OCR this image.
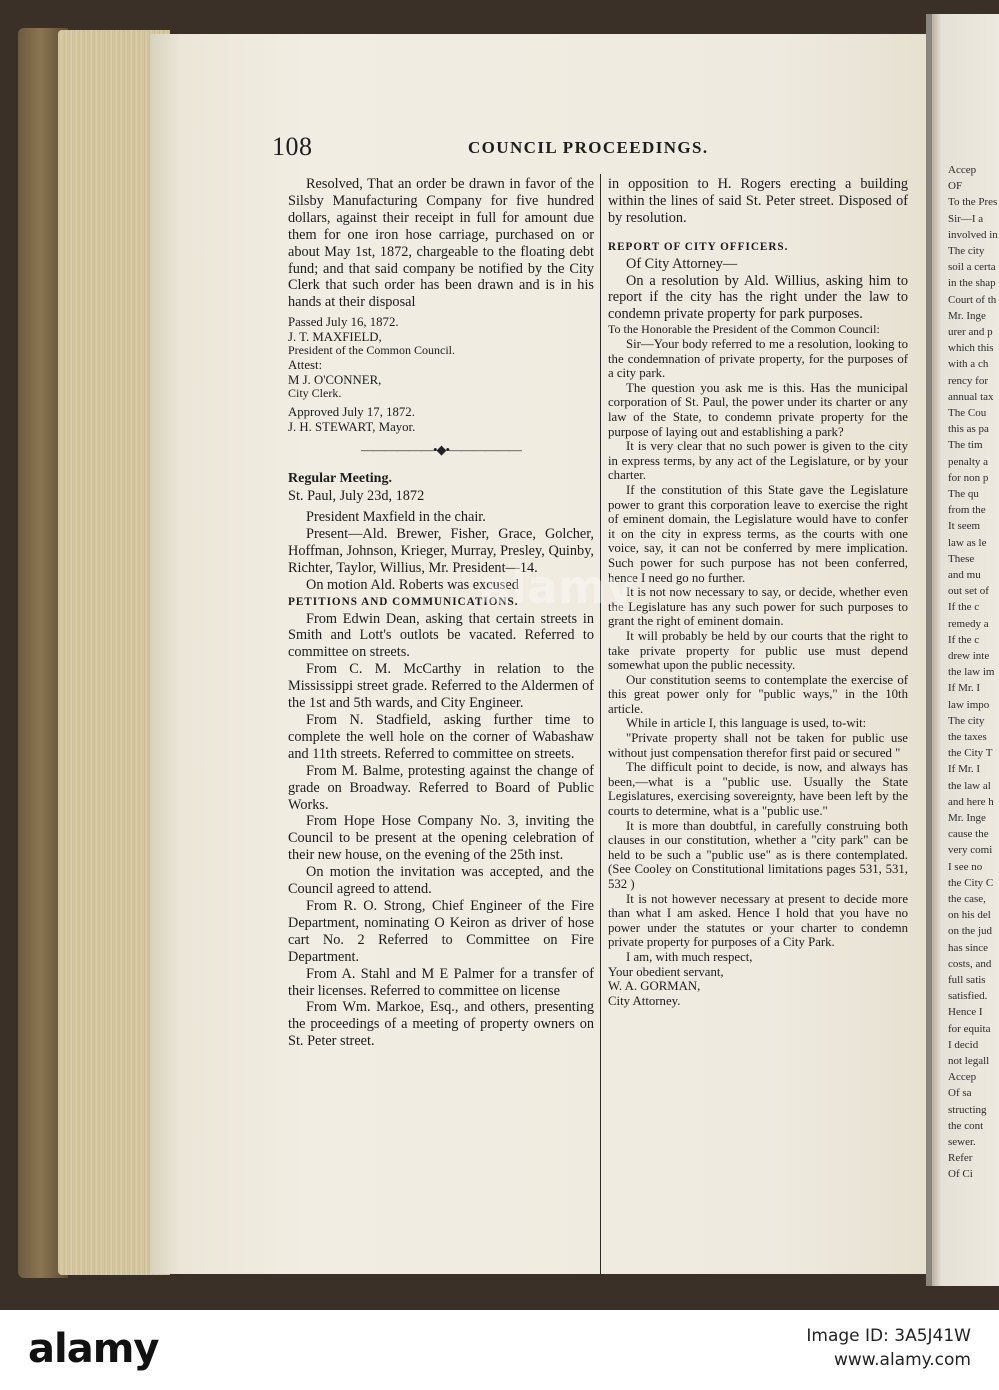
Accep
OF
To the Pres
Sir—I a
involved in
The city
soil a certa
in the shap
Court of th
Mr. Inge
urer and p
which this
with a ch
rency for
annual tax
The Cou
this as pa
The tim
penalty a
for non p
The qu
from the
It seem
law as le
These
and mu
out set of
If the c
remedy a
If the c
drew inte
the law im
If Mr. I
law impo
The city
the taxes
the City T
If Mr. I
the law al
and here h
Mr. Inge
cause the
very comi
I see no
the City C
the case,
on his del
on the jud
has since
costs, and
full satis
satisfied.
Hence I
for equita
I decid
not legall
Accep
Of sa
structing
the cont
sewer.
Refer
Of Ci
108	COUNCIL PROCEEDINGS.

Resolved, That an order be drawn in favor of the Silsby Manufacturing Company for five hundred dollars, against their receipt in full for amount due them for one iron hose carriage, purchased on or about May 1st, 1872, chargeable to the floating debt fund; and that said company be notified by the City Clerk that such order has been drawn and is in his hands at their disposal

Passed July 16, 1872.

J. T. MAXFIELD,

President of the Common Council.

Attest:

M J. O'CONNER,

City Clerk.

Approved July 17, 1872.

J. H. STEWART, Mayor.

——————•◆•——————

Regular Meeting.

St. Paul, July 23d, 1872

President Maxfield in the chair.

Present—Ald. Brewer, Fisher, Grace, Golcher, Hoffman, Johnson, Krieger, Murray, Presley, Quinby, Richter, Taylor, Willius, Mr. President—14.

On motion Ald. Roberts was excused

PETITIONS AND COMMUNICATIONS.

From Edwin Dean, asking that certain streets in Smith and Lott's outlots be vacated. Referred to committee on streets.

From C. M. McCarthy in relation to the Mississippi street grade. Referred to the Aldermen of the 1st and 5th wards, and City Engineer.

From N. Stadfield, asking further time to complete the well hole on the corner of Wabashaw and 11th streets. Referred to committee on streets.

From M. Balme, protesting against the change of grade on Broadway. Referred to Board of Public Works.

From Hope Hose Company No. 3, inviting the Council to be present at the opening celebration of their new house, on the evening of the 25th inst.

On motion the invitation was accepted, and the Council agreed to attend.

From R. O. Strong, Chief Engineer of the Fire Department, nominating O Keiron as driver of hose cart No. 2 Referred to Committee on Fire Department.

From A. Stahl and M E Palmer for a transfer of their licenses. Referred to committee on license

From Wm. Markoe, Esq., and others, presenting the proceedings of a meeting of property owners on St. Peter street.

in opposition to H. Rogers erecting a building within the lines of said St. Peter street. Disposed of by resolution.

REPORT OF CITY OFFICERS.

Of City Attorney—

On a resolution by Ald. Willius, asking him to report if the city has the right under the law to condemn private property for park purposes.

To the Honorable the President of the Common Council:

Sir—Your body referred to me a resolution, looking to the condemnation of private property, for the purposes of a city park.

The question you ask me is this. Has the municipal corporation of St. Paul, the power under its charter or any law of the State, to condemn private property for the purpose of laying out and establishing a park?

It is very clear that no such power is given to the city in express terms, by any act of the Legislature, or by your charter.

If the constitution of this State gave the Legislature power to grant this corporation leave to exercise the right of eminent domain, the Legislature would have to confer it on the city in express terms, as the courts with one voice, say, it can not be conferred by mere implication. Such power for such purpose has not been conferred, hence I need go no further.

It is not now necessary to say, or decide, whether even the Legislature has any such power for such purposes to grant the right of eminent domain.

It will probably be held by our courts that the right to take private property for public use must depend somewhat upon the public necessity.

Our constitution seems to contemplate the exercise of this great power only for "public ways," in the 10th article.

While in article I, this language is used, to-wit:

"Private property shall not be taken for public use without just compensation therefor first paid or secured "

The difficult point to decide, is now, and always has been,—what is a "public use. Usually the State Legislatures, exercising sovereignty, have been left by the courts to determine, what is a "public use."

It is more than doubtful, in carefully construing both clauses in our constitution, whether a "city park" can be held to be such a "public use" as is there contemplated. (See Cooley on Constitutional limitations pages 531, 531, 532 )

It is not however necessary at present to decide more than what I am asked. Hence I hold that you have no power under the statutes or your charter to condemn private property for purposes of a City Park.

I am, with much respect,

Your obedient servant,

W. A. GORMAN,

City Attorney.

alamy
alamy	Image ID: 3A5J41W
www.alamy.com
